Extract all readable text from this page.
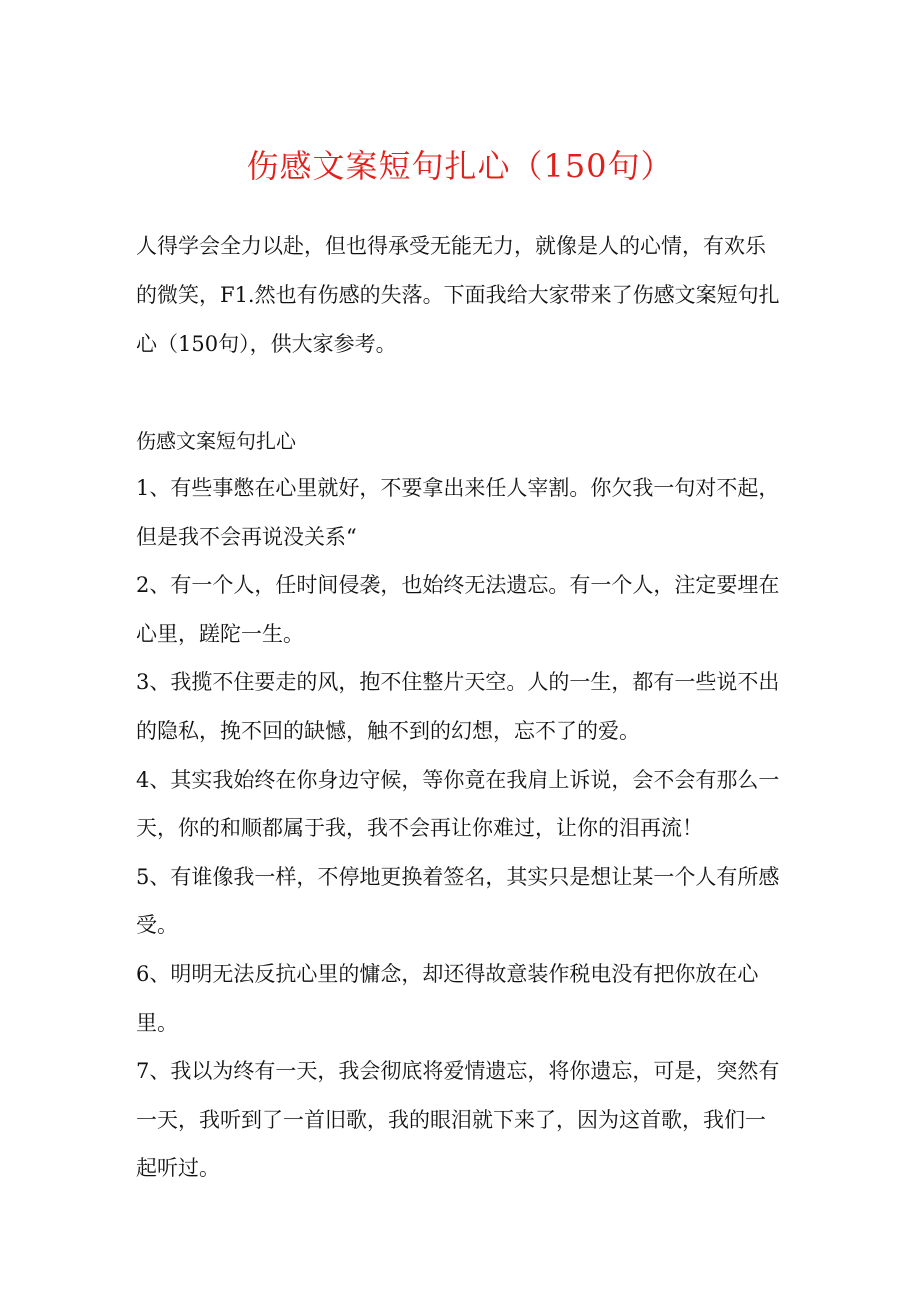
伤感文案短句扎心（150句）

人得学会全力以赴，但也得承受无能无力，就像是人的心情，有欢乐的微笑，F1.然也有伤感的失落。下面我给大家带来了伤感文案短句扎心（150句），供大家参考。

伤感文案短句扎心

1、有些事憋在心里就好，不要拿出来任人宰割。你欠我一句对不起，但是我不会再说没关系“
2、有一个人，任时间侵袭，也始终无法遗忘。有一个人，注定要埋在心里，蹉陀一生。
3、我揽不住要走的风，抱不住整片天空。人的一生，都有一些说不出的隐私，挽不回的缺憾，触不到的幻想，忘不了的爱。
4、其实我始终在你身边守候，等你竟在我肩上诉说，会不会有那么一天，你的和顺都属于我，我不会再让你难过，让你的泪再流！
5、有谁像我一样，不停地更换着签名，其实只是想让某一个人有所感受。
6、明明无法反抗心里的慵念，却还得故意装作税电没有把你放在心里。
7、我以为终有一天，我会彻底将爱情遗忘，将你遗忘，可是，突然有一天，我听到了一首旧歌，我的眼泪就下来了，因为这首歌，我们一起听过。
